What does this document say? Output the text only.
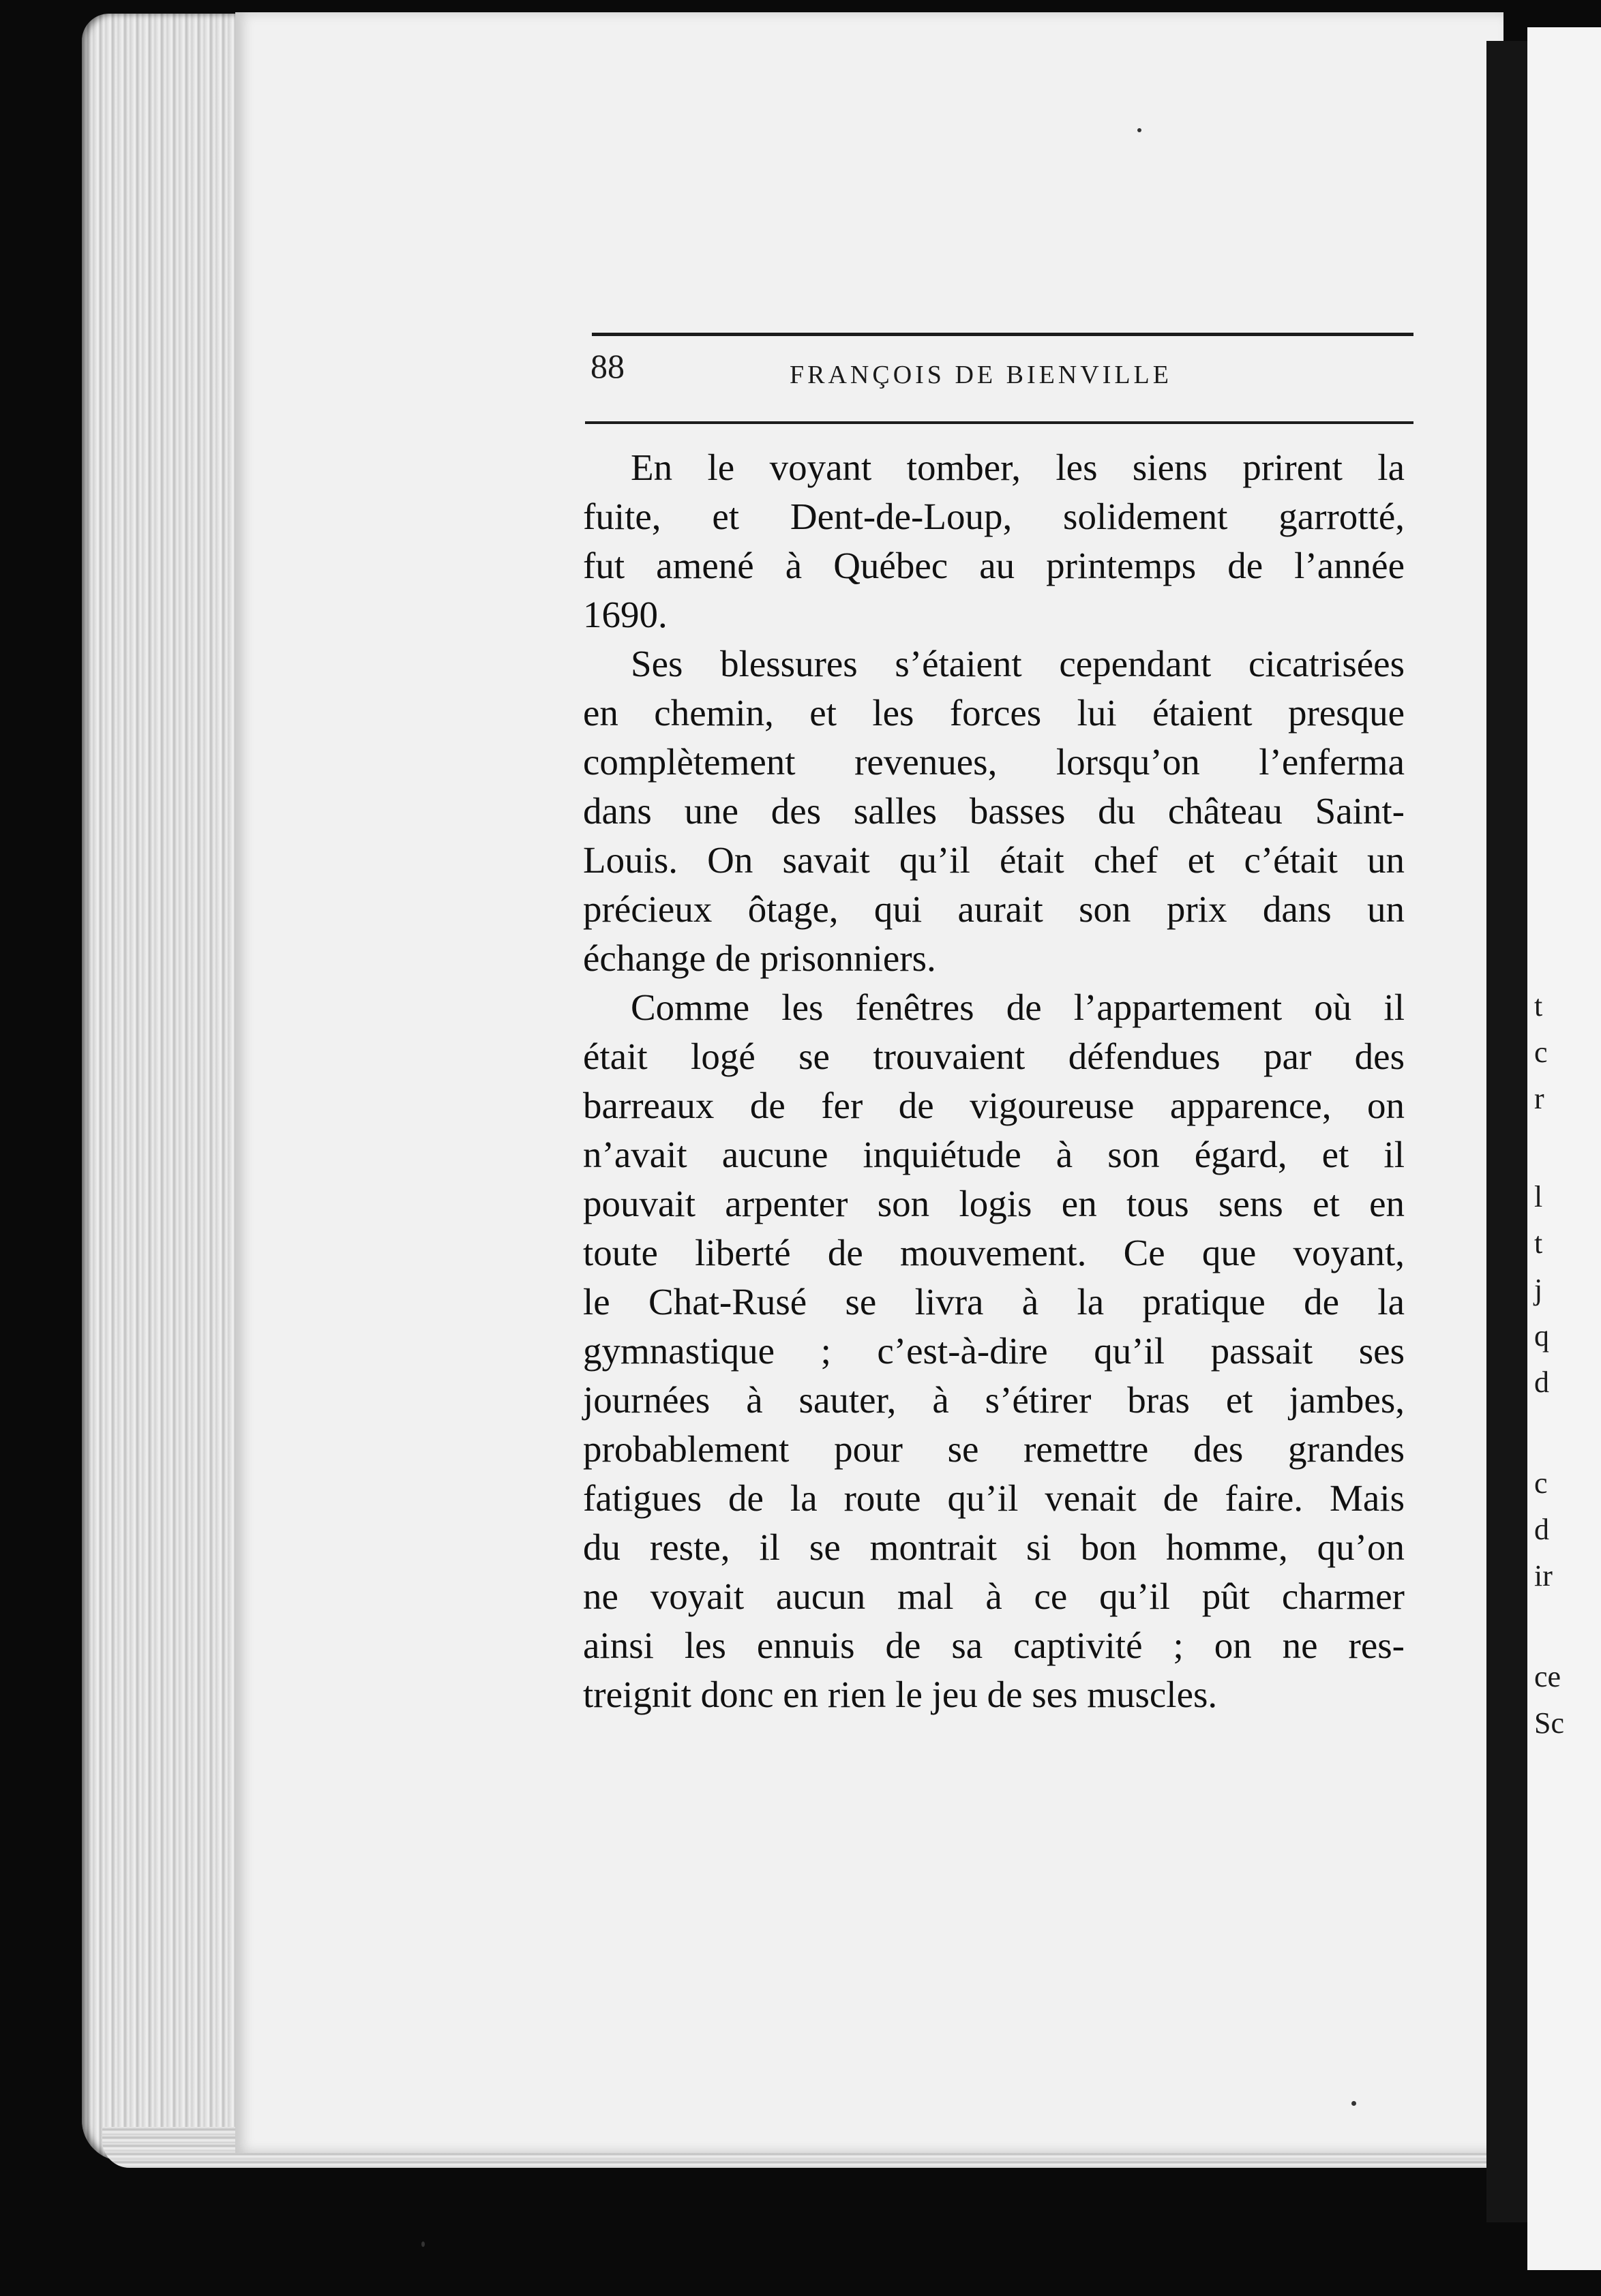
t
c
r
l
t
j
q
d
c
d
ir
ce
Sc
88	FRANÇOIS DE BIENVILLE
En le voyant tomber, les siens prirent la
fuite, et Dent-de-Loup, solidement garrotté,
fut amené à Québec au printemps de l’année
1690.
Ses blessures s’étaient cependant cicatrisées
en chemin, et les forces lui étaient presque
complètement revenues, lorsqu’on l’enferma
dans une des salles basses du château Saint-
Louis. On savait qu’il était chef et c’était un
précieux ôtage, qui aurait son prix dans un
échange de prisonniers.
Comme les fenêtres de l’appartement où il
était logé se trouvaient défendues par des
barreaux de fer de vigoureuse apparence, on
n’avait aucune inquiétude à son égard, et il
pouvait arpenter son logis en tous sens et en
toute liberté de mouvement. Ce que voyant,
le Chat-Rusé se livra à la pratique de la
gymnastique ; c’est-à-dire qu’il passait ses
journées à sauter, à s’étirer bras et jambes,
probablement pour se remettre des grandes
fatigues de la route qu’il venait de faire. Mais
du reste, il se montrait si bon homme, qu’on
ne voyait aucun mal à ce qu’il pût charmer
ainsi les ennuis de sa captivité ; on ne res-
treignit donc en rien le jeu de ses muscles.
